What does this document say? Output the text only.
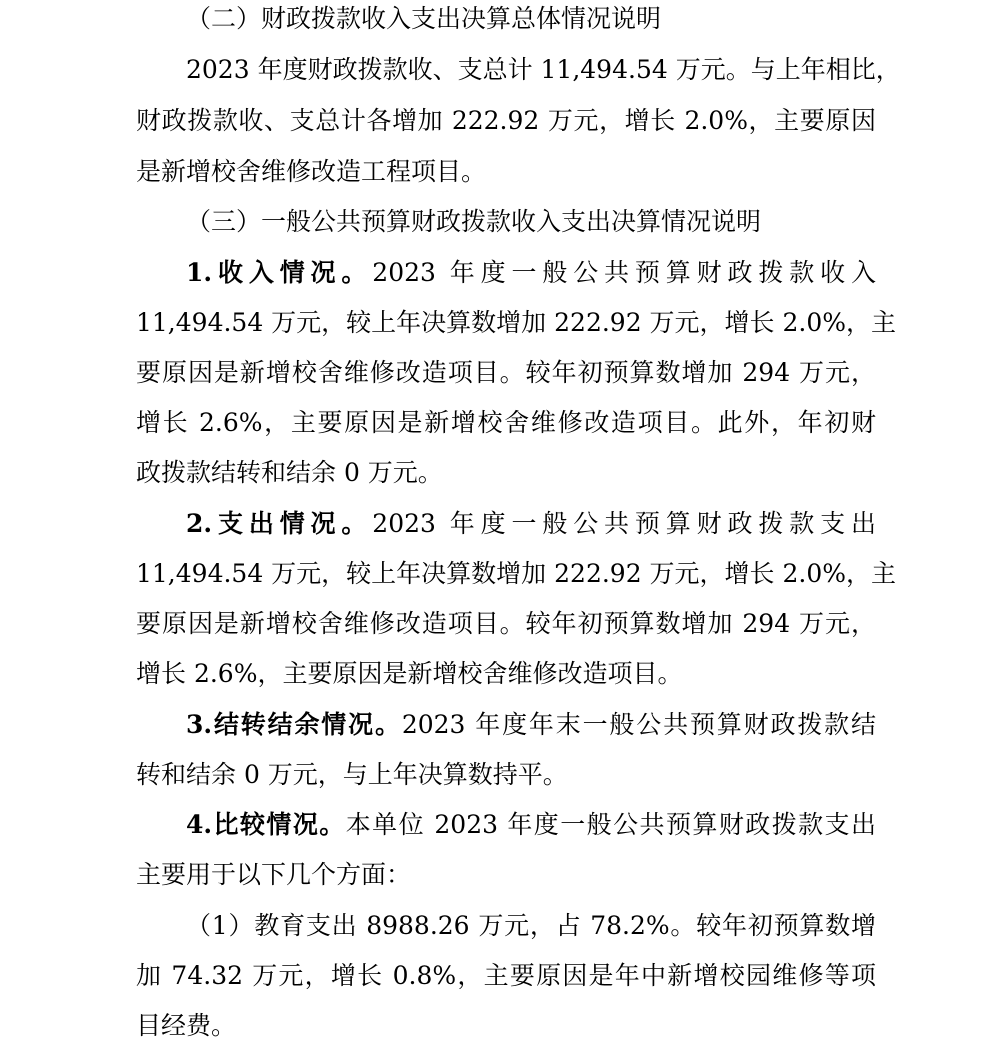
（二）财政拨款收入支出决算总体情况说明
2023 年度财政拨款收、支总计 11,494.54 万元。与上年相比，
财政拨款收、支总计各增加 222.92 万元，增长 2.0%，主要原因
是新增校舍维修改造工程项目。
（三）一般公共预算财政拨款收入支出决算情况说明
1.收入情况。2023 年度一般公共预算财政拨款收入
11,494.54 万元，较上年决算数增加 222.92 万元，增长 2.0%，主
要原因是新增校舍维修改造项目。较年初预算数增加 294 万元，
增长 2.6%，主要原因是新增校舍维修改造项目。此外，年初财
政拨款结转和结余 0 万元。
2.支出情况。2023 年度一般公共预算财政拨款支出
11,494.54 万元，较上年决算数增加 222.92 万元，增长 2.0%，主
要原因是新增校舍维修改造项目。较年初预算数增加 294 万元，
增长 2.6%，主要原因是新增校舍维修改造项目。
3.结转结余情况。2023 年度年末一般公共预算财政拨款结
转和结余 0 万元，与上年决算数持平。
4.比较情况。本单位 2023 年度一般公共预算财政拨款支出
主要用于以下几个方面：
（1）教育支出 8988.26 万元，占 78.2%。较年初预算数增
加 74.32 万元，增长 0.8%，主要原因是年中新增校园维修等项
目经费。
